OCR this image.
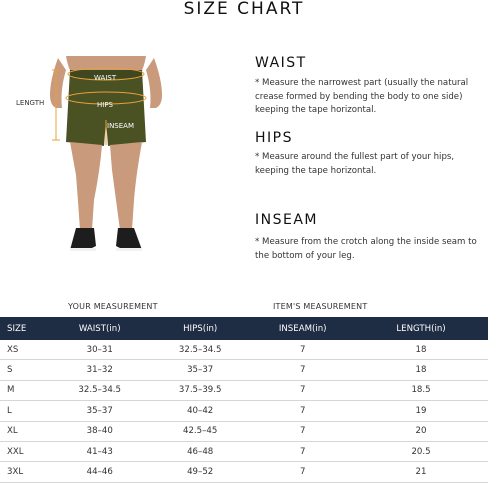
SIZE CHART
WAIST
HIPS
INSEAM
LENGTH
WAIST
* Measure the narrowest part (usually the natural crease formed by bending the body to one side) keeping the tape horizontal.
HIPS
* Measure around the fullest part of your hips, keeping the tape horizontal.
INSEAM
* Measure from the crotch along the inside seam to the bottom of your leg.
YOUR MEASUREMENT	ITEM'S MEASUREMENT
SIZE	WAIST(in)	HIPS(in)	INSEAM(in)	LENGTH(in)
XS	30–31	32.5–34.5	7	18
S	31–32	35–37	7	18
M	32.5–34.5	37.5–39.5	7	18.5
L	35–37	40–42	7	19
XL	38–40	42.5–45	7	20
XXL	41–43	46–48	7	20.5
3XL	44–46	49–52	7	21
